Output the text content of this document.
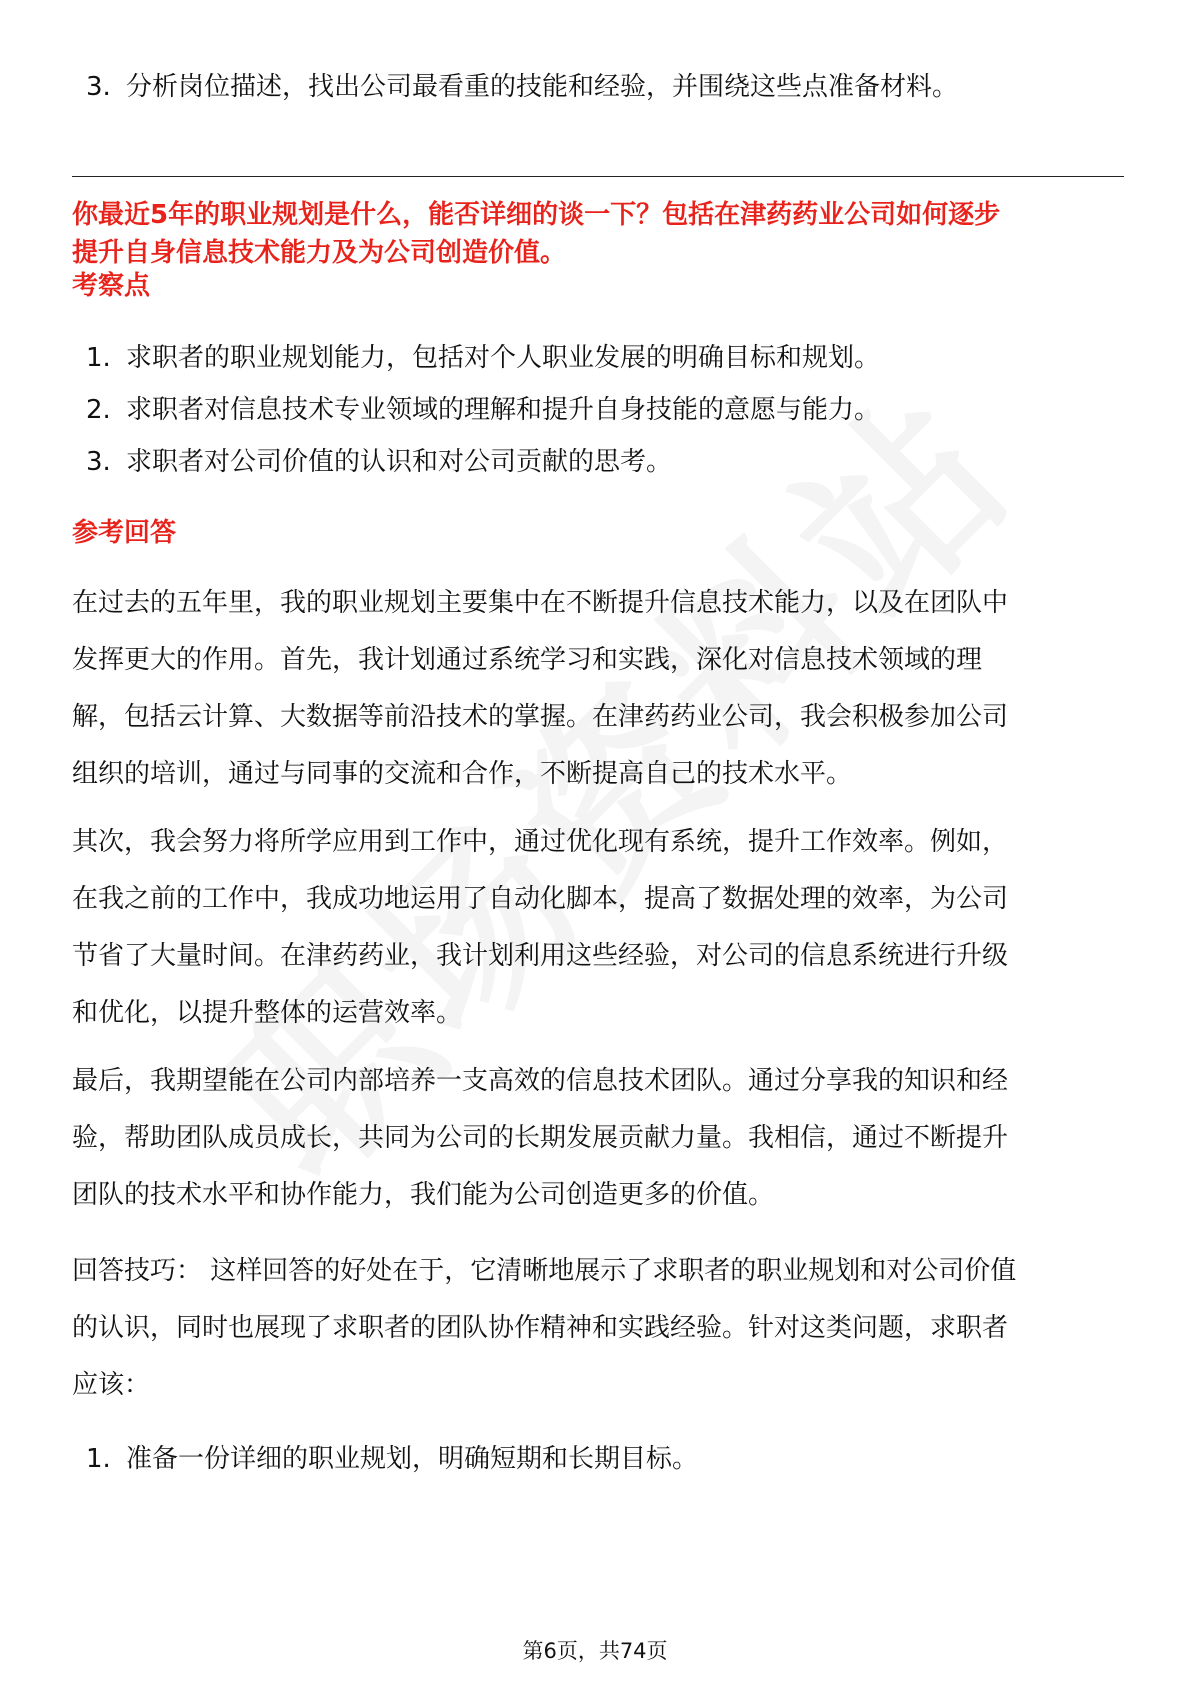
3. 分析岗位描述，找出公司最看重的技能和经验，并围绕这些点准备材料。
你最近5年的职业规划是什么，能否详细的谈一下？包括在津药药业公司如何逐步
提升自身信息技术能力及为公司创造价值。
考察点
1. 求职者的职业规划能力，包括对个人职业发展的明确目标和规划。
2. 求职者对信息技术专业领域的理解和提升自身技能的意愿与能力。
3. 求职者对公司价值的认识和对公司贡献的思考。
参考回答
在过去的五年里，我的职业规划主要集中在不断提升信息技术能力，以及在团队中
发挥更大的作用。首先，我计划通过系统学习和实践，深化对信息技术领域的理
解，包括云计算、大数据等前沿技术的掌握。在津药药业公司，我会积极参加公司
组织的培训，通过与同事的交流和合作，不断提高自己的技术水平。
其次，我会努力将所学应用到工作中，通过优化现有系统，提升工作效率。例如，
在我之前的工作中，我成功地运用了自动化脚本，提高了数据处理的效率，为公司
节省了大量时间。在津药药业，我计划利用这些经验，对公司的信息系统进行升级
和优化，以提升整体的运营效率。
最后，我期望能在公司内部培养一支高效的信息技术团队。通过分享我的知识和经
验，帮助团队成员成长，共同为公司的长期发展贡献力量。我相信，通过不断提升
团队的技术水平和协作能力，我们能为公司创造更多的价值。
回答技巧： 这样回答的好处在于，它清晰地展示了求职者的职业规划和对公司价值
的认识，同时也展现了求职者的团队协作精神和实践经验。针对这类问题，求职者
应该：
1. 准备一份详细的职业规划，明确短期和长期目标。
第6页，共74页
